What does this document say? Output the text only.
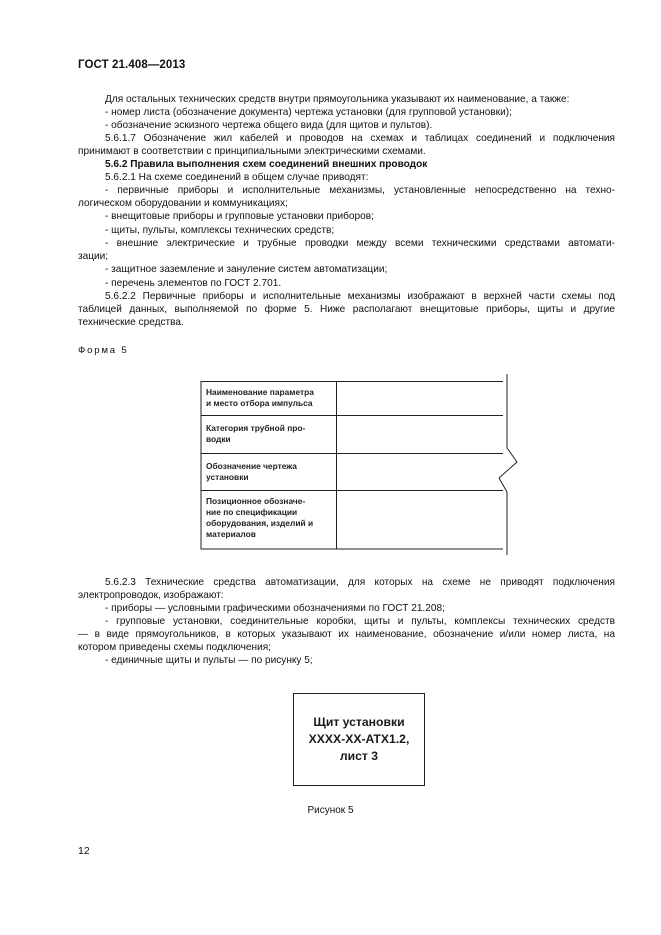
ГОСТ 21.408—2013
Для остальных технических средств внутри прямоугольника указывают их наименование, а также:
- номер листа (обозначение документа) чертежа установки (для групповой установки);
- обозначение эскизного чертежа общего вида (для щитов и пультов).
5.6.1.7 Обозначение жил кабелей и проводов на схемах и таблицах соединений и подключения
принимают в соответствии с принципиальными электрическими схемами.
5.6.2 Правила выполнения схем соединений внешних проводок
5.6.2.1 На схеме соединений в общем случае приводят:
- первичные приборы и исполнительные механизмы, установленные непосредственно на техно-
логическом оборудовании и коммуникациях;
- внещитовые приборы и групповые установки приборов;
- щиты, пульты, комплексы технических средств;
- внешние электрические и трубные проводки между всеми техническими средствами автомати-
зации;
- защитное заземление и зануление систем автоматизации;
- перечень элементов по ГОСТ 2.701.
5.6.2.2 Первичные приборы и исполнительные механизмы изображают в верхней части схемы под
таблицей данных, выполняемой по форме 5. Ниже располагают внещитовые приборы, щиты и другие
технические средства.
Форма 5
Наименование параметра
и место отбора импульса
Категория трубной про-
водки
Обозначение чертежа
установки
Позиционное обозначе-
ние по спецификации
оборудования, изделий и
материалов
5.6.2.3 Технические средства автоматизации, для которых на схеме не приводят подключения
электропроводок, изображают:
- приборы — условными графическими обозначениями по ГОСТ 21.208;
- групповые установки, соединительные коробки, щиты и пульты, комплексы технических средств
— в виде прямоугольников, в которых указывают их наименование, обозначение и/или номер листа, на
котором приведены схемы подключения;
- единичные щиты и пульты — по рисунку 5;
Щит установки
XXXX-XX-ATX1.2,
лист 3
Рисунок 5
12
